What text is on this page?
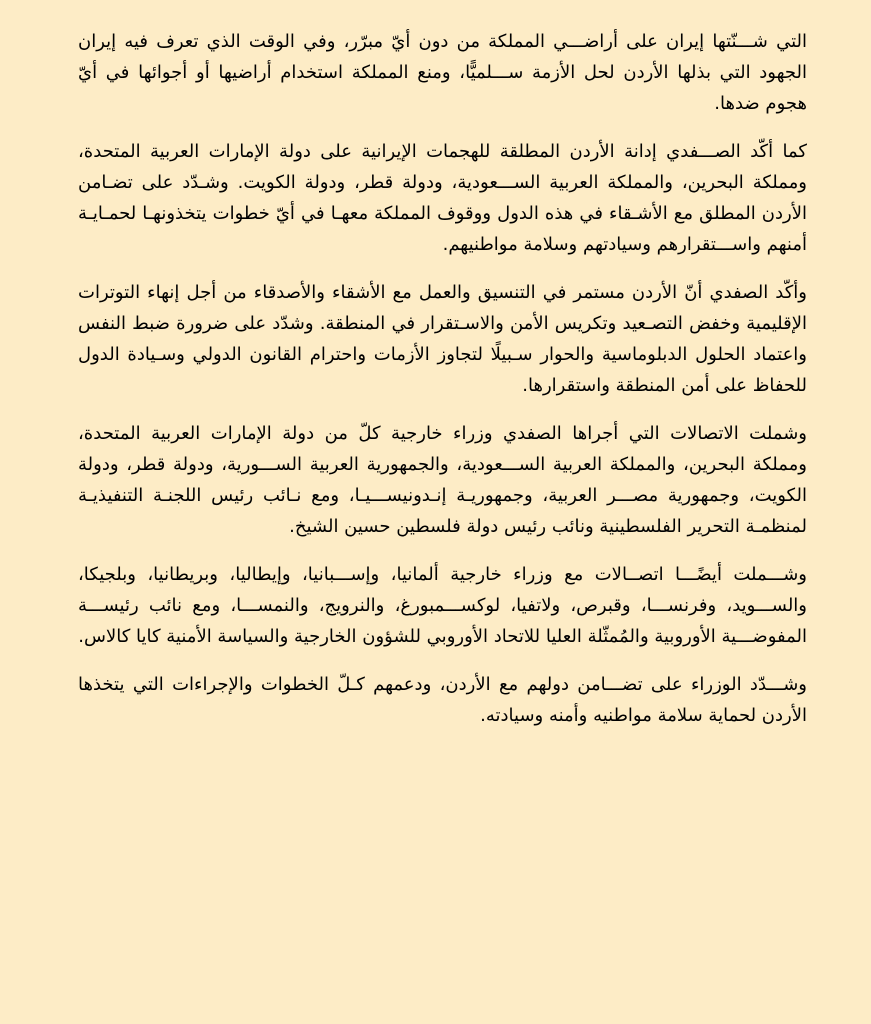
التي شـــنّتها إيران على أراضـــي المملكة من دون أيّ مبرّر، وفي الوقت الذي تعرف فيه إيران الجهود التي بذلها الأردن لحل الأزمة ســـلميًّا، ومنع المملكة استخدام أراضيها أو أجوائها في أيّ هجوم ضدها.

كما أكّد الصـــفدي إدانة الأردن المطلقة للهجمات الإيرانية على دولة الإمارات العربية المتحدة، ومملكة البحرين، والمملكة العربية الســـعودية، ودولة قطر، ودولة الكويت. وشـدّد على تضـامن الأردن المطلق مع الأشـقاء في هذه الدول ووقوف المملكة معهـا في أيّ خطوات يتخذونهـا لحمـايـة أمنهم واســـتقرارهم وسيادتهم وسلامة مواطنيهم.

وأكّد الصفدي أنّ الأردن مستمر في التنسيق والعمل مع الأشقاء والأصدقاء من أجل إنهاء التوترات الإقليمية وخفض التصـعيد وتكريس الأمن والاسـتقرار في المنطقة. وشدّد على ضرورة ضبط النفس واعتماد الحلول الدبلوماسية والحوار سـبيلًا لتجاوز الأزمات واحترام القانون الدولي وسـيادة الدول للحفاظ على أمن المنطقة واستقرارها.

وشملت الاتصالات التي أجراها الصفدي وزراء خارجية كلّ من دولة الإمارات العربية المتحدة، ومملكة البحرين، والمملكة العربية الســـعودية، والجمهورية العربية الســـورية، ودولة قطر، ودولة الكويت، وجمهورية مصـــر العربية، وجمهوريـة إنـدونيســـيـا، ومع نـائب رئيس اللجنـة التنفيذيـة لمنظمـة التحرير الفلسطينية ونائب رئيس دولة فلسطين حسين الشيخ.

وشـــملت أيضًـــا اتصــالات مع وزراء خارجية ألمانيا، وإســـبانيا، وإيطاليا، وبريطانيا، وبلجيكا، والســـويد، وفرنســـا، وقبرص، ولاتفيا، لوكســـمبورغ، والنرويج، والنمســـا، ومع نائب رئيســـة المفوضـــية الأوروبية والمُمثّلة العليا للاتحاد الأوروبي للشؤون الخارجية والسياسة الأمنية كايا كالاس.

وشـــدّد الوزراء على تضـــامن دولهم مع الأردن، ودعمهم كـلّ الخطوات والإجراءات التي يتخذها الأردن لحماية سلامة مواطنيه وأمنه وسيادته.
